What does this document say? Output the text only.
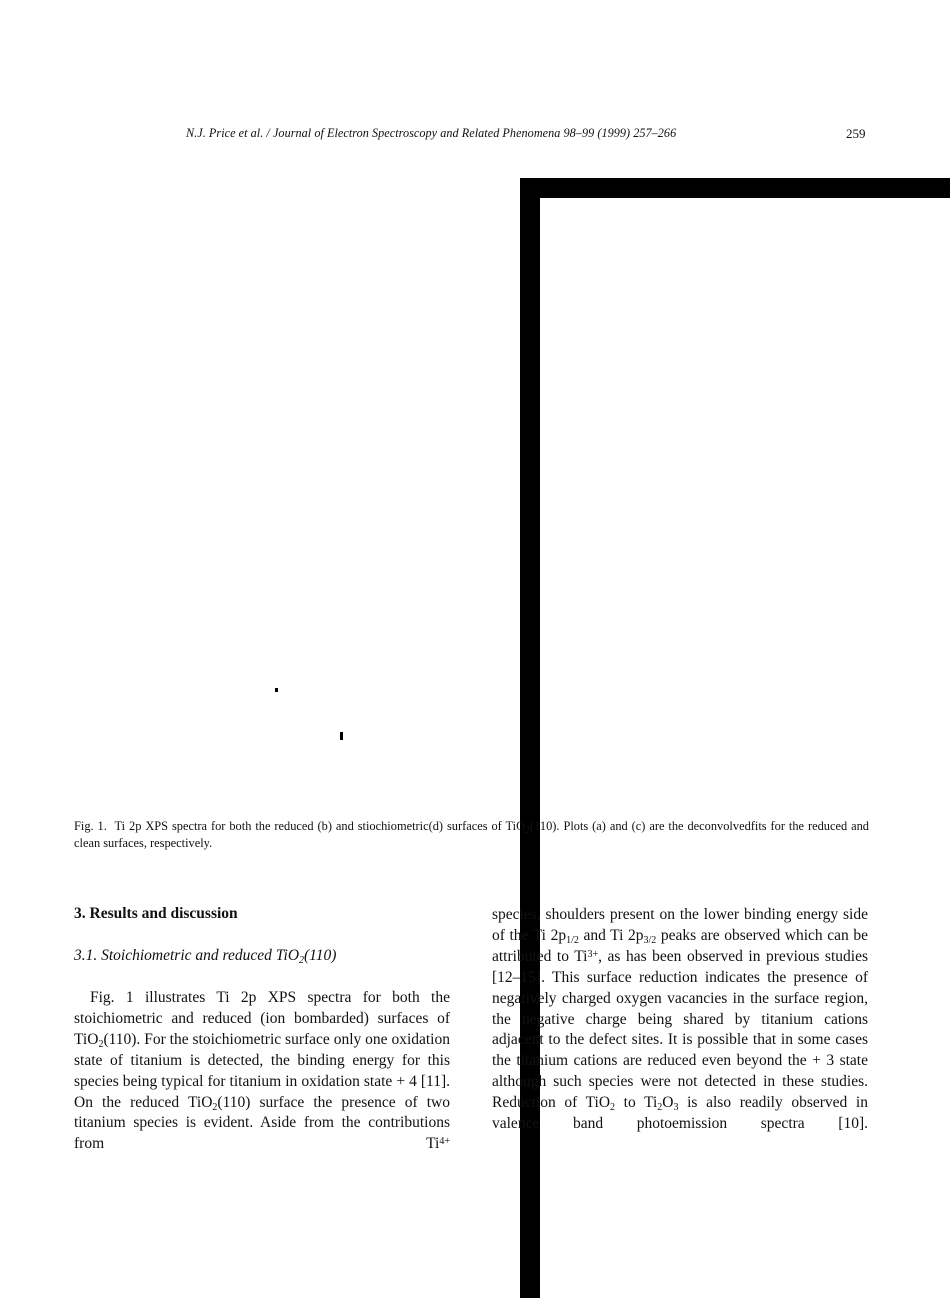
N.J. Price et al. / Journal of Electron Spectroscopy and Related Phenomena 98–99 (1999) 257–266	259
Fig. 1. Ti 2p XPS spectra for both the reduced (b) and stiochiometric(d) surfaces of TiO$_2$(110). Plots (a) and (c) are the deconvolvedfits for the reduced and clean surfaces, respectively.
3. Results and discussion
3.1. Stoichiometric and reduced TiO$_2$(110)

Fig. 1 illustrates Ti 2p XPS spectra for both the stoichiometric and reduced (ion bombarded) surfaces of TiO$_2$(110). For the stoichiometric surface only one oxidation state of titanium is detected, the binding energy for this species being typical for titanium in oxidation state + 4 [11]. On the reduced TiO$_2$(110) surface the presence of two titanium species is evident. Aside from the contributions from $Ti^{4+}$

species, shoulders present on the lower binding energy side of the Ti $2p_{1/2}$ and Ti $2p_{3/2}$ peaks are observed which can be attributed to $Ti^{3+}$, as has been observed in previous studies [12–15]. This surface reduction indicates the presence of negatively charged oxygen vacancies in the surface region, the negative charge being shared by titanium cations adjacent to the defect sites. It is possible that in some cases the titanium cations are reduced even beyond the + 3 state although such species were not detected in these studies. Reduction of TiO$_2$ to $Ti_2O_3$ is also readily observed in valence band photoemission spectra [10].
